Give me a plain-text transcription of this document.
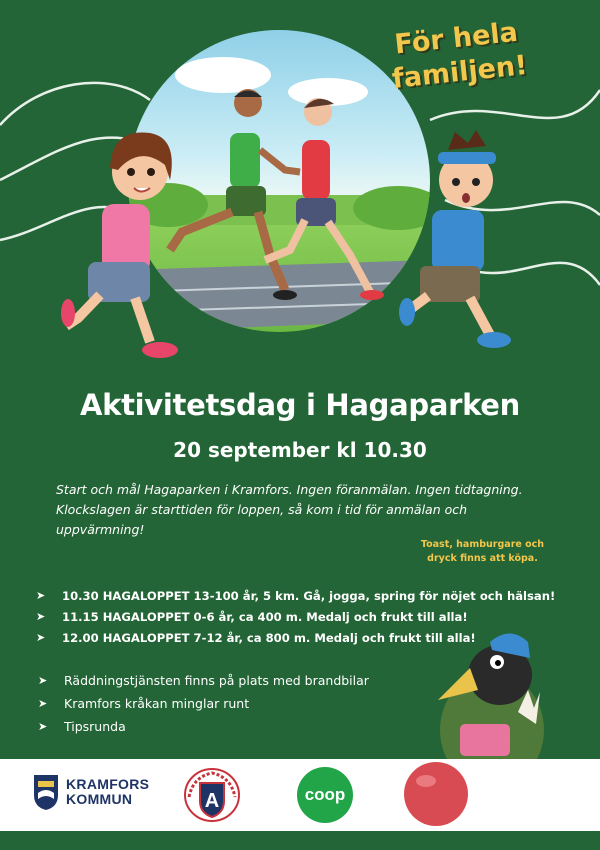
För hela familjen!
Aktivitetsdag i Hagaparken
20 september kl 10.30
Start och mål Hagaparken i Kramfors. Ingen föranmälan. Ingen tidtagning. Klockslagen är starttiden för loppen, så kom i tid för anmälan och uppvärmning!
Toast, hamburgare och dryck finns att köpa.
➤	10.30 HAGALOPPET 13-100 år, 5 km. Gå, jogga, spring för nöjet och hälsan!
➤	11.15 HAGALOPPET 0-6 år, ca 400 m. Medalj och frukt till alla!
➤	12.00 HAGALOPPET 7-12 år, ca 800 m. Medalj och frukt till alla!
➤	Räddningstjänsten finns på plats med brandbilar
➤	Kramfors kråkan minglar runt
➤	Tipsrunda
KRAMFORS
KOMMUN	A	coop
